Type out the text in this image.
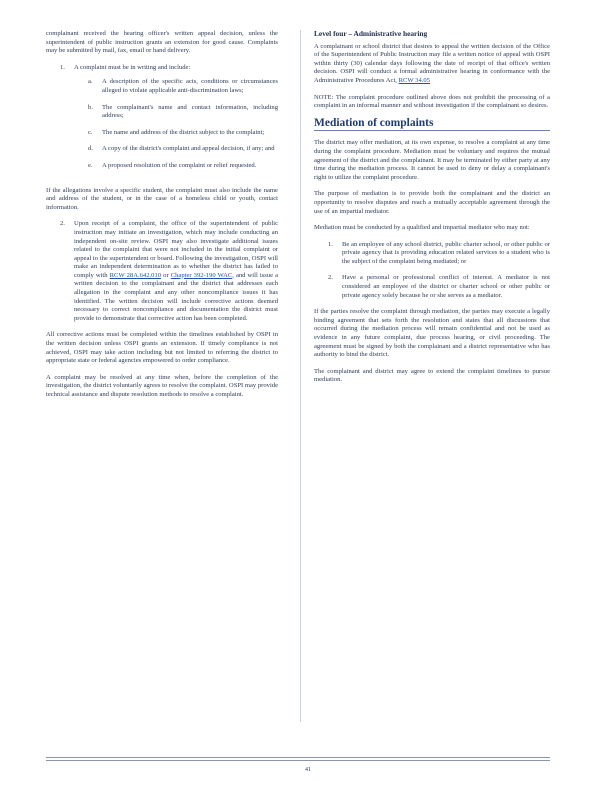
complainant received the hearing officer's written appeal decision, unless the superintendent of public instruction grants an extension for good cause. Complaints may be submitted by mail, fax, email or hand delivery.

1.	A complaint must be in writing and include:
a.	A description of the specific acts, conditions or circumstances alleged to violate applicable anti-discrimination laws;
b.	The complainant's name and contact information, including address;
c.	The name and address of the district subject to the complaint;
d.	A copy of the district's complaint and appeal decision, if any; and
e.	A proposed resolution of the complaint or relief requested.

If the allegations involve a specific student, the complaint must also include the name and address of the student, or in the case of a homeless child or youth, contact information.

2.	Upon receipt of a complaint, the office of the superintendent of public instruction may initiate an investigation, which may include conducting an independent on-site review. OSPI may also investigate additional issues related to the complaint that were not included in the initial complaint or appeal to the superintendent or board. Following the investigation, OSPI will make an independent determination as to whether the district has failed to comply with RCW 28A.642.010 or Chapter 392-190 WAC, and will issue a written decision to the complainant and the district that addresses each allegation in the complaint and any other noncompliance issues it has identified. The written decision will include corrective actions deemed necessary to correct noncompliance and documentation the district must provide to demonstrate that corrective action has been completed.

All corrective actions must be completed within the timelines established by OSPI in the written decision unless OSPI grants an extension. If timely compliance is not achieved, OSPI may take action including but not limited to referring the district to appropriate state or federal agencies empowered to order compliance.

A complaint may be resolved at any time when, before the completion of the investigation, the district voluntarily agrees to resolve the complaint. OSPI may provide technical assistance and dispute resolution methods to resolve a complaint.

Level four – Administrative hearing

A complainant or school district that desires to appeal the written decision of the Office of the Superintendent of Public Instruction may file a written notice of appeal with OSPI within thirty (30) calendar days following the date of receipt of that office's written decision. OSPI will conduct a formal administrative hearing in conformance with the Administrative Procedures Act, RCW 34.05

NOTE: The complaint procedure outlined above does not prohibit the processing of a complaint in an informal manner and without investigation if the complainant so desires.

Mediation of complaints

The district may offer mediation, at its own expense, to resolve a complaint at any time during the complaint procedure. Mediation must be voluntary and requires the mutual agreement of the district and the complainant. It may be terminated by either party at any time during the mediation process. It cannot be used to deny or delay a complainant's right to utilize the complaint procedure.

The purpose of mediation is to provide both the complainant and the district an opportunity to resolve disputes and reach a mutually acceptable agreement through the use of an impartial mediator.

Mediation must be conducted by a qualified and impartial mediator who may not:

1.	Be an employee of any school district, public charter school, or other public or private agency that is providing education related services to a student who is the subject of the complaint being mediated; or
2.	Have a personal or professional conflict of interest. A mediator is not considered an employee of the district or charter school or other public or private agency solely because he or she serves as a mediator.

If the parties resolve the complaint through mediation, the parties may execute a legally binding agreement that sets forth the resolution and states that all discussions that occurred during the mediation process will remain confidential and not be used as evidence in any future complaint, due process hearing, or civil proceeding. The agreement must be signed by both the complainant and a district representative who has authority to bind the district.

The complainant and district may agree to extend the complaint timelines to pursue mediation.

41
